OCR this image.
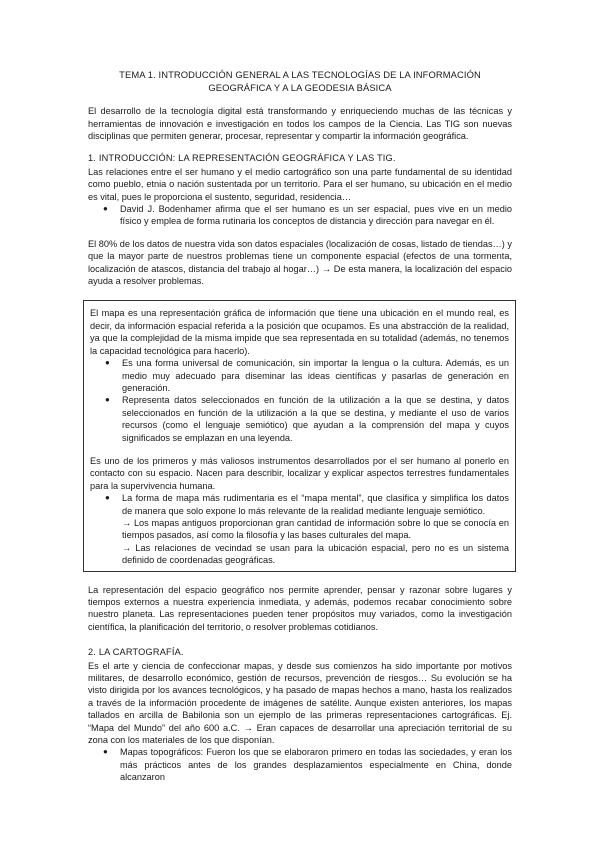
TEMA 1. INTRODUCCIÓN GENERAL A LAS TECNOLOGÍAS DE LA INFORMACIÓN GEOGRÁFICA Y A LA GEODESIA BÁSICA

El desarrollo de la tecnología digital está transformando y enriqueciendo muchas de las técnicas y herramientas de innovación e investigación en todos los campos de la Ciencia. Las TIG son nuevas disciplinas que permiten generar, procesar, representar y compartir la información geográfica.

1. INTRODUCCIÓN: LA REPRESENTACIÓN GEOGRÁFICA Y LAS TIG.

Las relaciones entre el ser humano y el medio cartográfico son una parte fundamental de su identidad como pueblo, etnia o nación sustentada por un territorio. Para el ser humano, su ubicación en el medio es vital, pues le proporciona el sustento, seguridad, residencia…

● David J. Bodenhamer afirma que el ser humano es un ser espacial, pues vive en un medio físico y emplea de forma rutinaria los conceptos de distancia y dirección para navegar en él.

El 80% de los datos de nuestra vida son datos espaciales (localización de cosas, listado de tiendas…) y que la mayor parte de nuestros problemas tiene un componente espacial (efectos de una tormenta, localización de atascos, distancia del trabajo al hogar…) → De esta manera, la localización del espacio ayuda a resolver problemas.

El mapa es una representación gráfica de información que tiene una ubicación en el mundo real, es decir, da información espacial referida a la posición que ocupamos. Es una abstracción de la realidad, ya que la complejidad de la misma impide que sea representada en su totalidad (además, no tenemos la capacidad tecnológica para hacerlo).

● Es una forma universal de comunicación, sin importar la lengua o la cultura. Además, es un medio muy adecuado para diseminar las ideas científicas y pasarlas de generación en generación.
● Representa datos seleccionados en función de la utilización a la que se destina, y datos seleccionados en función de la utilización a la que se destina, y mediante el uso de varios recursos (como el lenguaje semiótico) que ayudan a la comprensión del mapa y cuyos significados se emplazan en una leyenda.

Es uno de los primeros y más valiosos instrumentos desarrollados por el ser humano al ponerlo en contacto con su espacio. Nacen para describir, localizar y explicar aspectos terrestres fundamentales para la supervivencia humana.

● La forma de mapa más rudimentaria es el “mapa mental”, que clasifica y simplifica los datos de manera que solo expone lo más relevante de la realidad mediante lenguaje semiótico.
→ Los mapas antiguos proporcionan gran cantidad de información sobre lo que se conocía en tiempos pasados, así como la filosofía y las bases culturales del mapa.
→ Las relaciones de vecindad se usan para la ubicación espacial, pero no es un sistema definido de coordenadas geográficas.

La representación del espacio geográfico nos permite aprender, pensar y razonar sobre lugares y tiempos externos a nuestra experiencia inmediata, y además, podemos recabar conocimiento sobre nuestro planeta. Las representaciones pueden tener propósitos muy variados, como la investigación científica, la planificación del territorio, o resolver problemas cotidianos.

2. LA CARTOGRAFÍA.

Es el arte y ciencia de confeccionar mapas, y desde sus comienzos ha sido importante por motivos militares, de desarrollo económico, gestión de recursos, prevención de riesgos… Su evolución se ha visto dirigida por los avances tecnológicos, y ha pasado de mapas hechos a mano, hasta los realizados a través de la información procedente de imágenes de satélite. Aunque existen anteriores, los mapas tallados en arcilla de Babilonia son un ejemplo de las primeras representaciones cartográficas. Ej. “Mapa del Mundo” del año 600 a.C. → Eran capaces de desarrollar una apreciación territorial de su zona con los materiales de los que disponían.

● Mapas topográficos: Fueron los que se elaboraron primero en todas las sociedades, y eran los más prácticos antes de los grandes desplazamientos especialmente en China, donde alcanzaron
